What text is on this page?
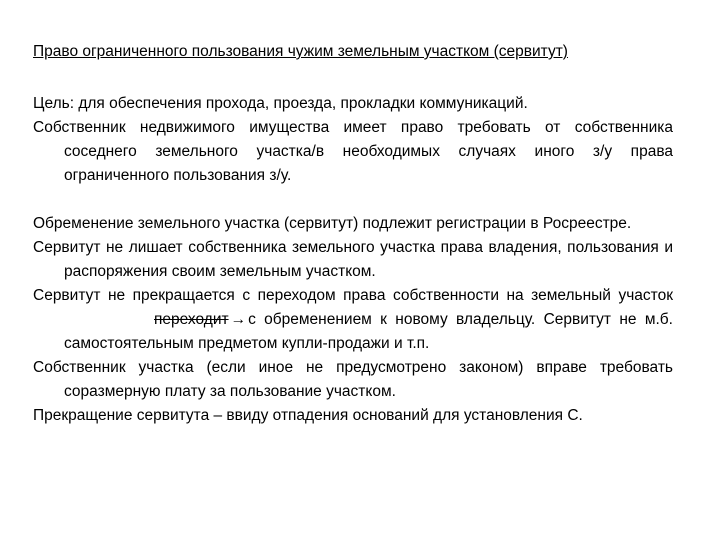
Право ограниченного пользования чужим земельным участком (сервитут)

Цель: для обеспечения прохода, проезда, прокладки коммуникаций.

Собственник недвижимого имущества имеет право требовать от собственника соседнего земельного участка/в необходимых случаях иного з/у права ограниченного пользования з/у.

Обременение земельного участка (сервитут) подлежит регистрации в Росреестре.

Сервитут не лишает собственника земельного участка права владения, пользования и распоряжения своим земельным участком.

Сервитут не прекращается с переходом права собственности на земельный участокпереходит → с обременением к новому владельцу. Сервитут не м.б. самостоятельным предметом купли-продажи и т.п.

Собственник участка (если иное не предусмотрено законом) вправе требовать соразмерную плату за пользование участком.

Прекращение сервитута – ввиду отпадения оснований для установления С.
